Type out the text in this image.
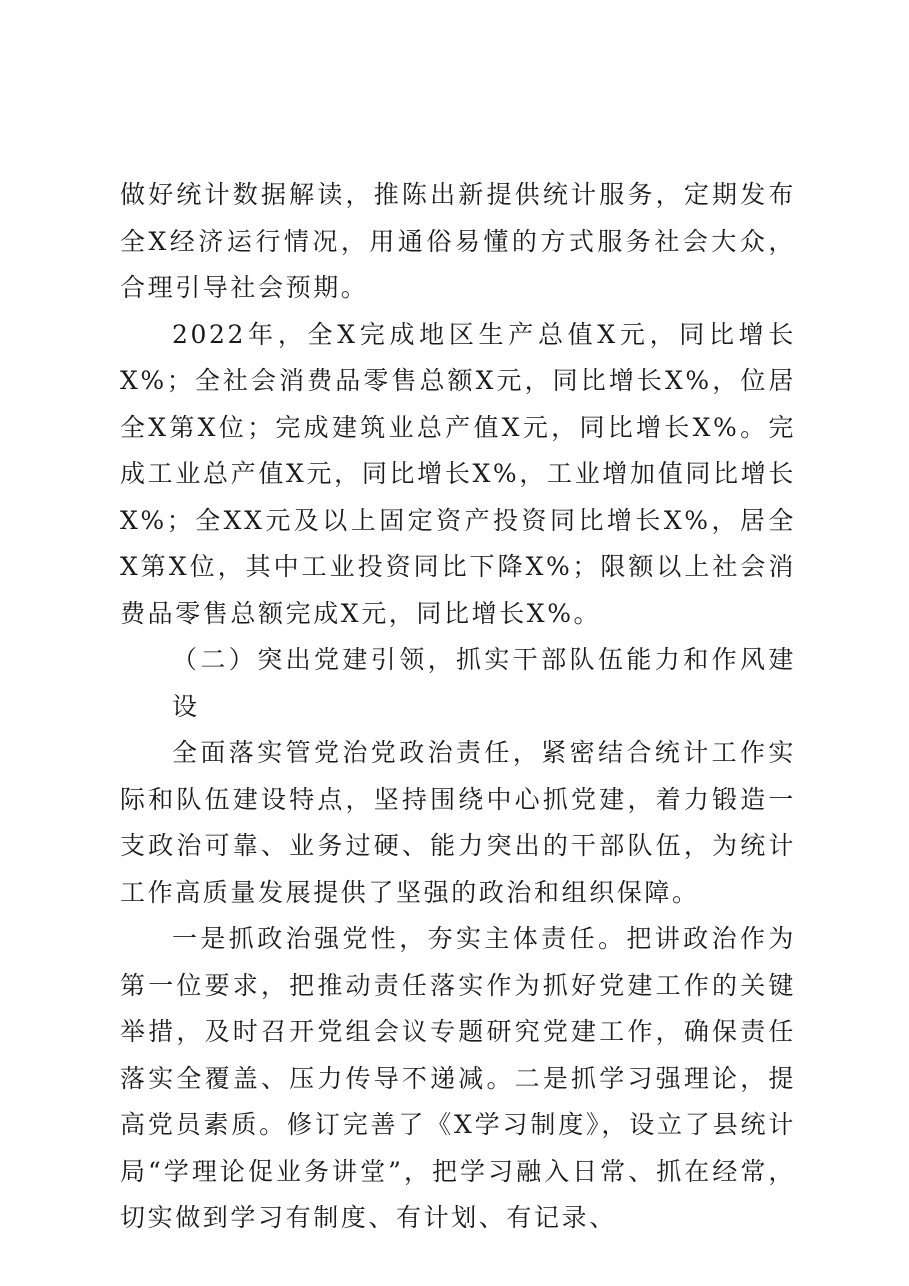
做好统计数据解读，推陈出新提供统计服务，定期发布全X经济运行情况，用通俗易懂的方式服务社会大众，合理引导社会预期。

2022年，全X完成地区生产总值X元，同比增长X%；全社会消费品零售总额X元，同比增长X%，位居全X第X位；完成建筑业总产值X元，同比增长X%。完成工业总产值X元，同比增长X%，工业增加值同比增长X%；全XX元及以上固定资产投资同比增长X%，居全X第X位，其中工业投资同比下降X%；限额以上社会消费品零售总额完成X元，同比增长X%。

（二）突出党建引领，抓实干部队伍能力和作风建设

全面落实管党治党政治责任，紧密结合统计工作实际和队伍建设特点，坚持围绕中心抓党建，着力锻造一支政治可靠、业务过硬、能力突出的干部队伍，为统计工作高质量发展提供了坚强的政治和组织保障。

一是抓政治强党性，夯实主体责任。把讲政治作为第一位要求，把推动责任落实作为抓好党建工作的关键举措，及时召开党组会议专题研究党建工作，确保责任落实全覆盖、压力传导不递减。二是抓学习强理论，提高党员素质。修订完善了《X学习制度》，设立了县统计局“学理论促业务讲堂”，把学习融入日常、抓在经常，切实做到学习有制度、有计划、有记录、
